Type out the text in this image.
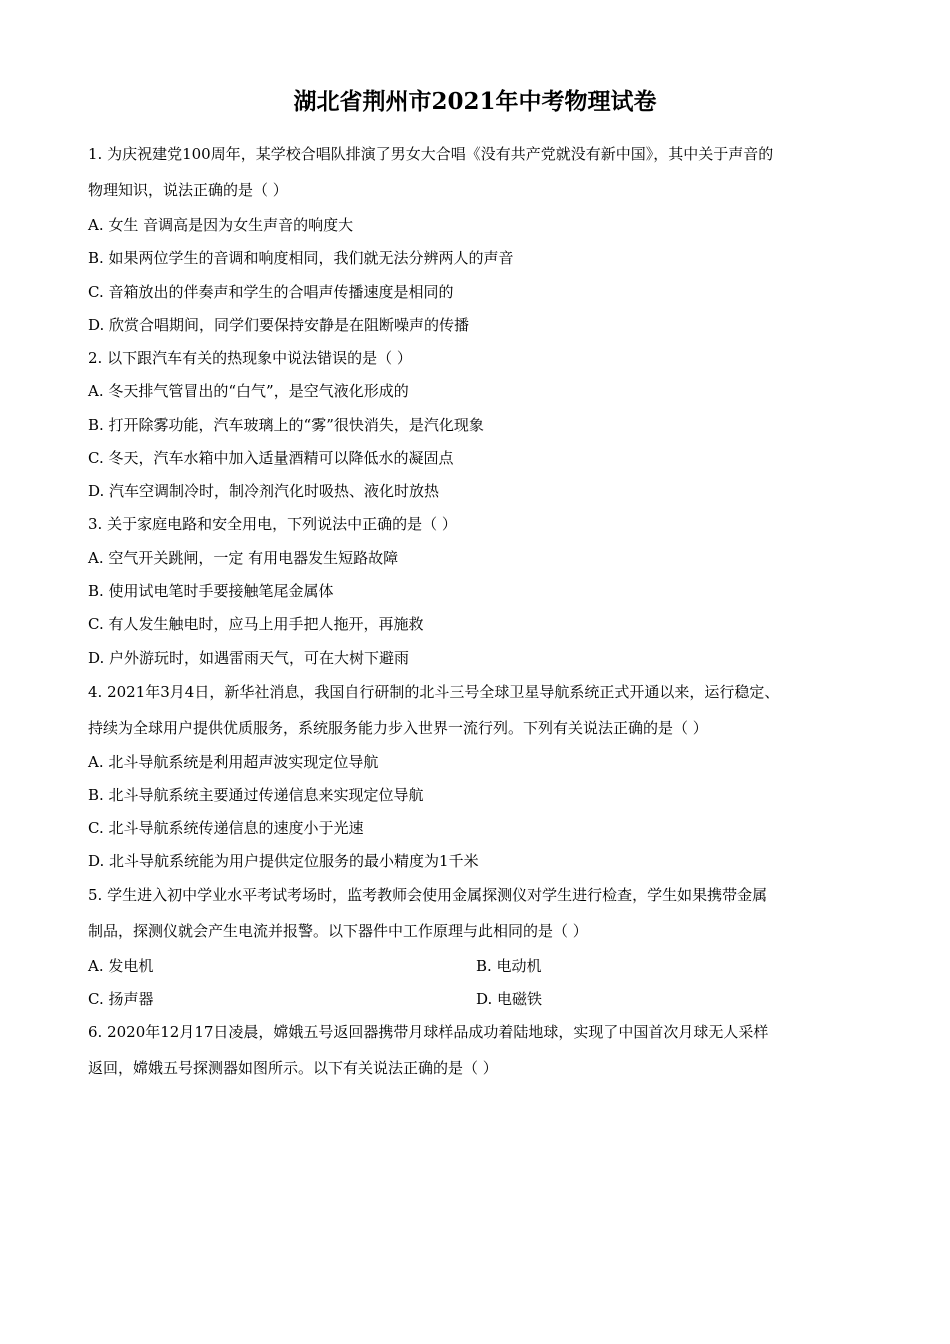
湖北省荆州市2021年中考物理试卷
1. 为庆祝建党100周年，某学校合唱队排演了男女大合唱《没有共产党就没有新中国》，其中关于声音的
物理知识，说法正确的是（ ）
A. 女生 音调高是因为女生声音的响度大
B. 如果两位学生的音调和响度相同，我们就无法分辨两人的声音
C. 音箱放出的伴奏声和学生的合唱声传播速度是相同的
D. 欣赏合唱期间，同学们要保持安静是在阻断噪声的传播
2. 以下跟汽车有关的热现象中说法错误的是（ ）
A. 冬天排气管冒出的“白气”，是空气液化形成的
B. 打开除雾功能，汽车玻璃上的“雾”很快消失，是汽化现象
C. 冬天，汽车水箱中加入适量酒精可以降低水的凝固点
D. 汽车空调制冷时，制冷剂汽化时吸热、液化时放热
3. 关于家庭电路和安全用电，下列说法中正确的是（ ）
A. 空气开关跳闸，一定 有用电器发生短路故障
B. 使用试电笔时手要接触笔尾金属体
C. 有人发生触电时，应马上用手把人拖开，再施救
D. 户外游玩时，如遇雷雨天气，可在大树下避雨
4. 2021年3月4日，新华社消息，我国自行研制的北斗三号全球卫星导航系统正式开通以来，运行稳定、
持续为全球用户提供优质服务，系统服务能力步入世界一流行列。下列有关说法正确的是（ ）
A. 北斗导航系统是利用超声波实现定位导航
B. 北斗导航系统主要通过传递信息来实现定位导航
C. 北斗导航系统传递信息的速度小于光速
D. 北斗导航系统能为用户提供定位服务的最小精度为1千米
5. 学生进入初中学业水平考试考场时，监考教师会使用金属探测仪对学生进行检查，学生如果携带金属
制品，探测仪就会产生电流并报警。以下器件中工作原理与此相同的是（ ）
A. 发电机	B. 电动机
C. 扬声器	D. 电磁铁
6. 2020年12月17日凌晨，嫦娥五号返回器携带月球样品成功着陆地球，实现了中国首次月球无人采样
返回，嫦娥五号探测器如图所示。以下有关说法正确的是（ ）
